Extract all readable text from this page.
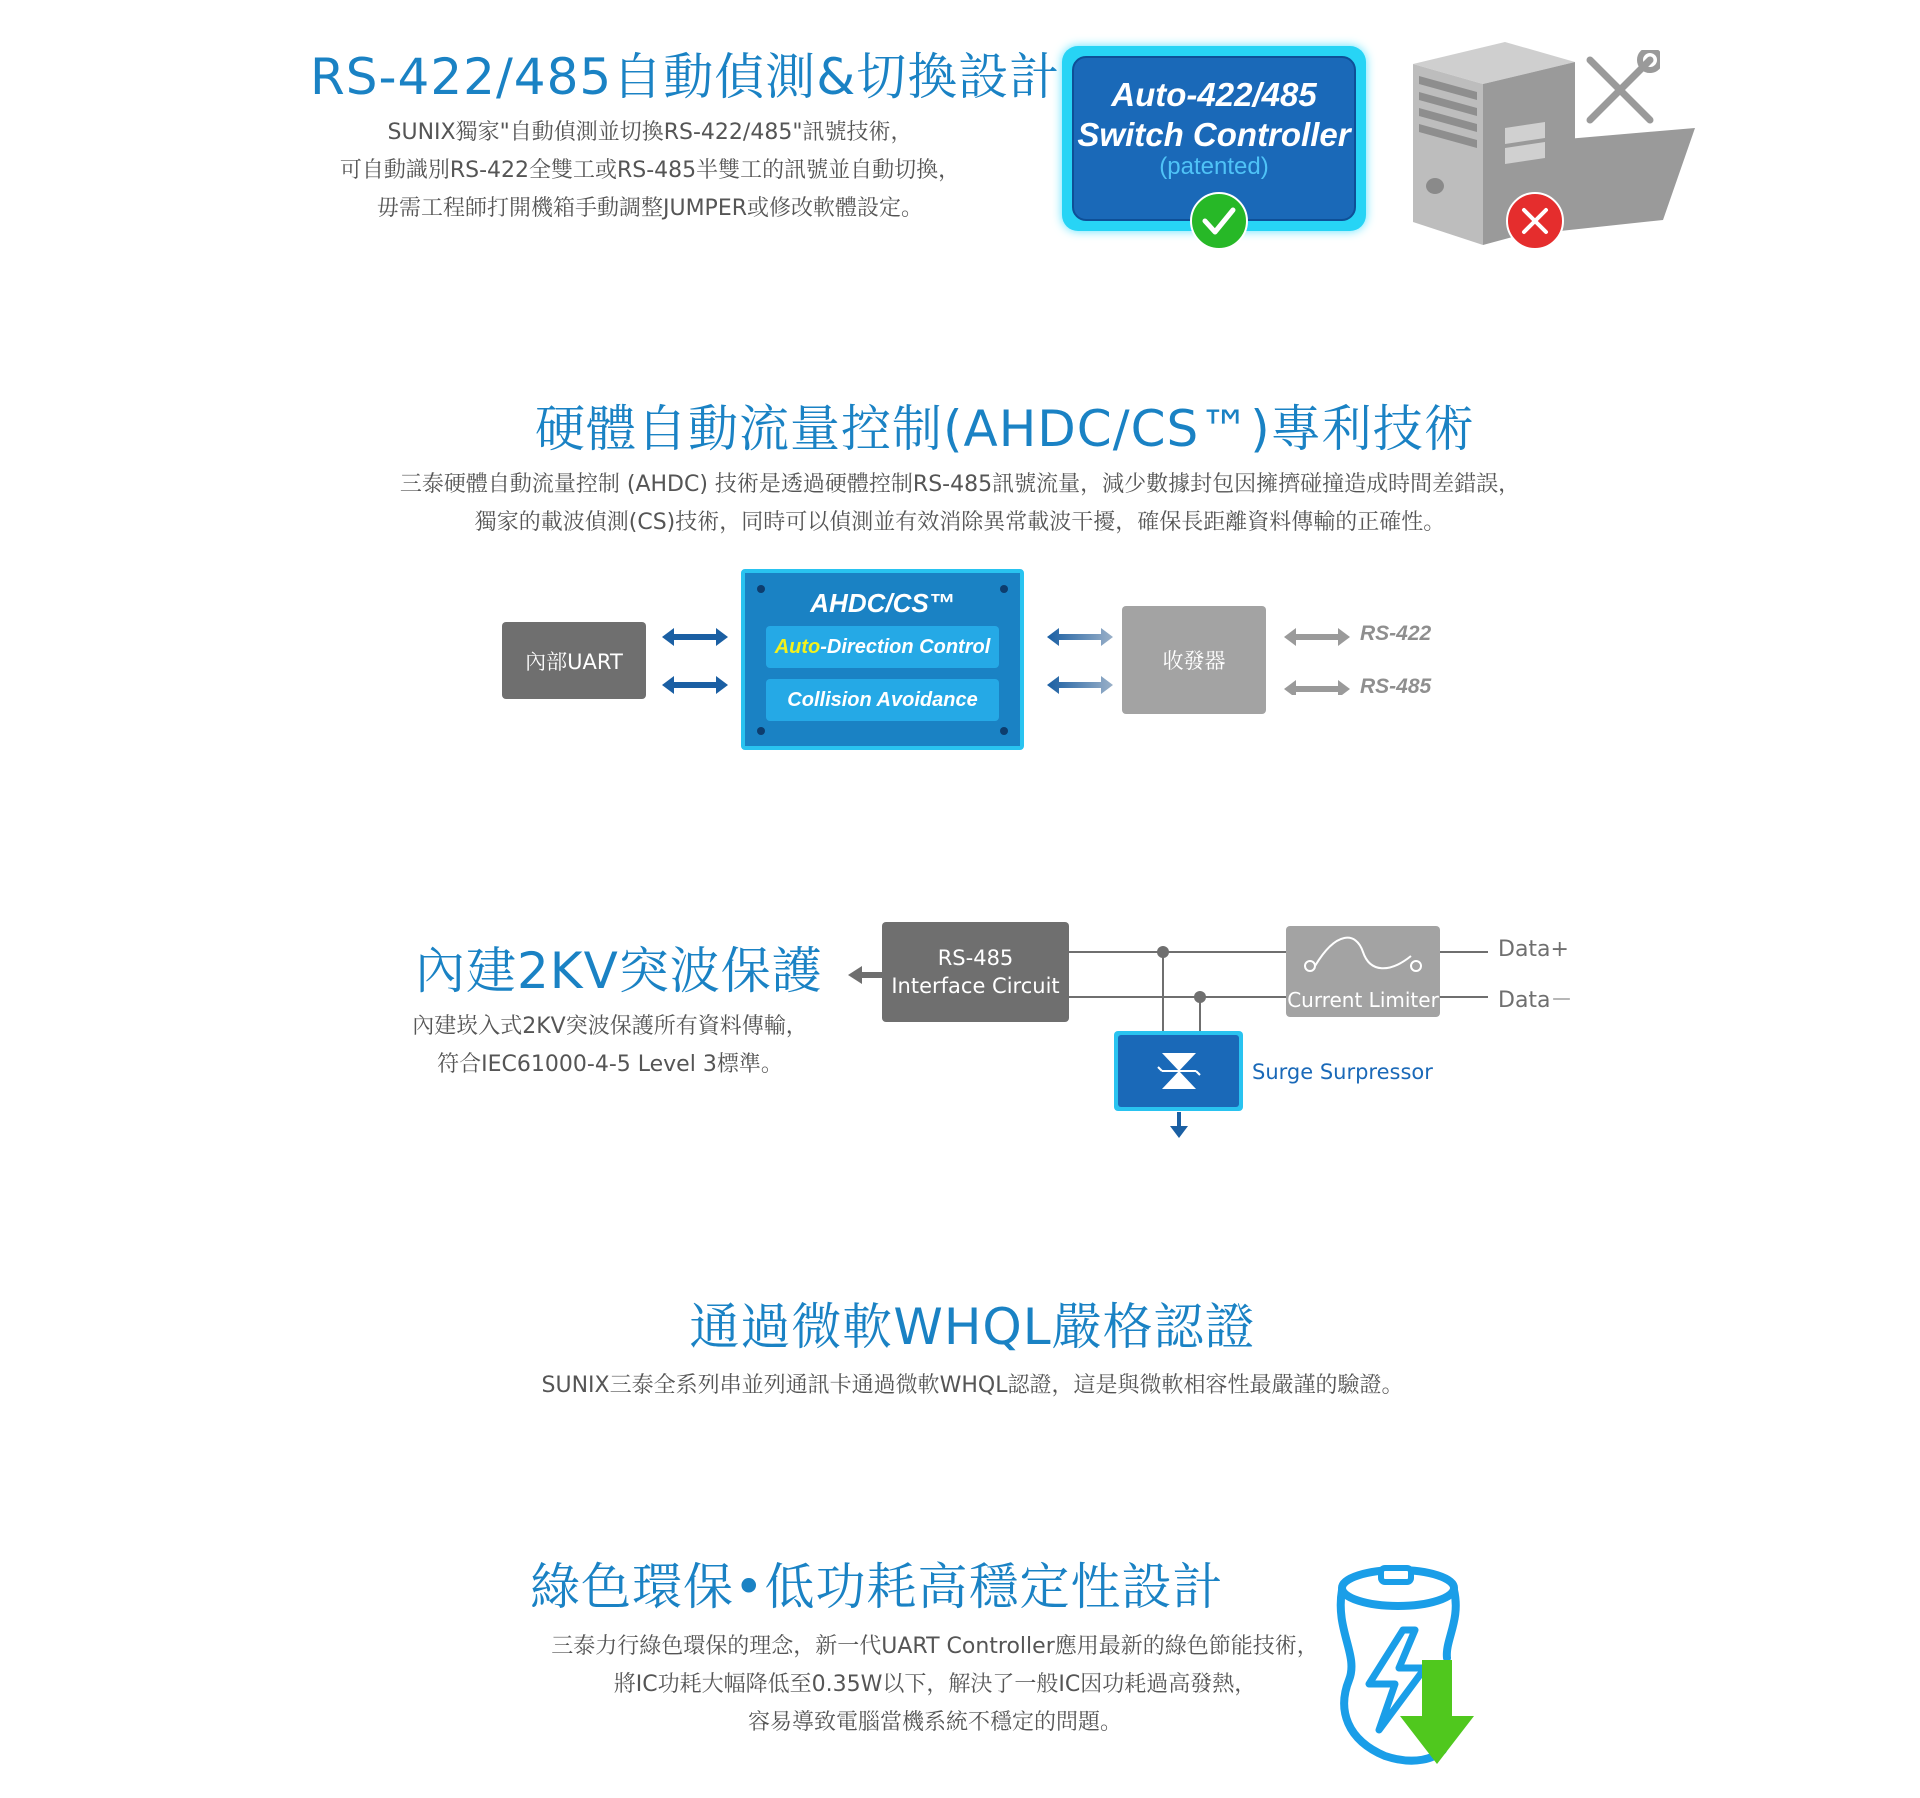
RS-422/485自動偵測&切換設計
SUNIX獨家"自動偵測並切換RS-422/485"訊號技術，
可自動識別RS-422全雙工或RS-485半雙工的訊號並自動切換，
毋需工程師打開機箱手動調整JUMPER或修改軟體設定。
Auto-422/485
Switch Controller
(patented)
硬體自動流量控制(AHDC/CS™)專利技術
三泰硬體自動流量控制 (AHDC) 技術是透過硬體控制RS-485訊號流量，減少數據封包因擁擠碰撞造成時間差錯誤，
獨家的載波偵測(CS)技術，同時可以偵測並有效消除異常載波干擾，確保長距離資料傳輸的正確性。
內部UART
AHDC/CS™
Auto -Direction Control
Collision Avoidance
收發器
RS-422
RS-485
內建2KV突波保護
內建崁入式2KV突波保護所有資料傳輸，
符合IEC61000-4-5 Level 3標準。
RS-485
Interface Circuit
Current Limiter
Data+
Data－
Surge Surpressor
通過微軟WHQL嚴格認證
SUNIX三泰全系列串並列通訊卡通過微軟WHQL認證，這是與微軟相容性最嚴謹的驗證。
綠色環保•低功耗高穩定性設計
三泰力行綠色環保的理念，新一代UART Controller應用最新的綠色節能技術，
將IC功耗大幅降低至0.35W以下，解決了一般IC因功耗過高發熱，
容易導致電腦當機系統不穩定的問題。
